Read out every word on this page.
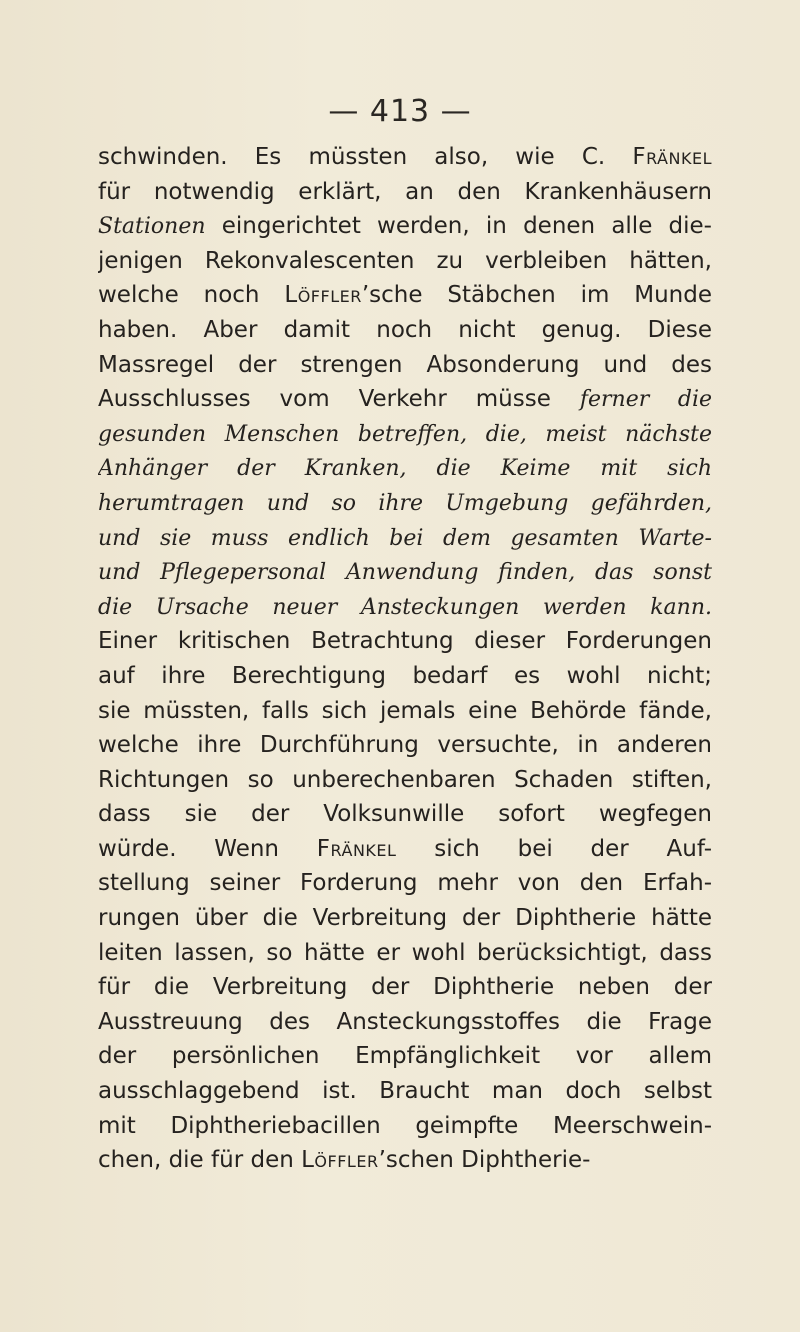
— 413 —
schwinden. Es müssten also, wie C. Fränkel
für notwendig erklärt, an den Krankenhäusern
Stationen eingerichtet werden, in denen alle die-
jenigen Rekonvalescenten zu verbleiben hätten,
welche noch Löffler’sche Stäbchen im Munde
haben. Aber damit noch nicht genug. Diese
Massregel der strengen Absonderung und des
Ausschlusses vom Verkehr müsse ferner die
gesunden Menschen betreffen, die, meist nächste
Anhänger der Kranken, die Keime mit sich
herumtragen und so ihre Umgebung gefährden,
und sie muss endlich bei dem gesamten Warte-
und Pflegepersonal Anwendung finden, das sonst
die Ursache neuer Ansteckungen werden kann.
Einer kritischen Betrachtung dieser Forderungen
auf ihre Berechtigung bedarf es wohl nicht;
sie müssten, falls sich jemals eine Behörde fände,
welche ihre Durchführung versuchte, in anderen
Richtungen so unberechenbaren Schaden stiften,
dass sie der Volksunwille sofort wegfegen
würde. Wenn Fränkel sich bei der Auf-
stellung seiner Forderung mehr von den Erfah-
rungen über die Verbreitung der Diphtherie hätte
leiten lassen, so hätte er wohl berücksichtigt, dass
für die Verbreitung der Diphtherie neben der
Ausstreuung des Ansteckungsstoffes die Frage
der persönlichen Empfänglichkeit vor allem
ausschlaggebend ist. Braucht man doch selbst
mit Diphtheriebacillen geimpfte Meerschwein-
chen, die für den Löffler’schen Diphtherie-
